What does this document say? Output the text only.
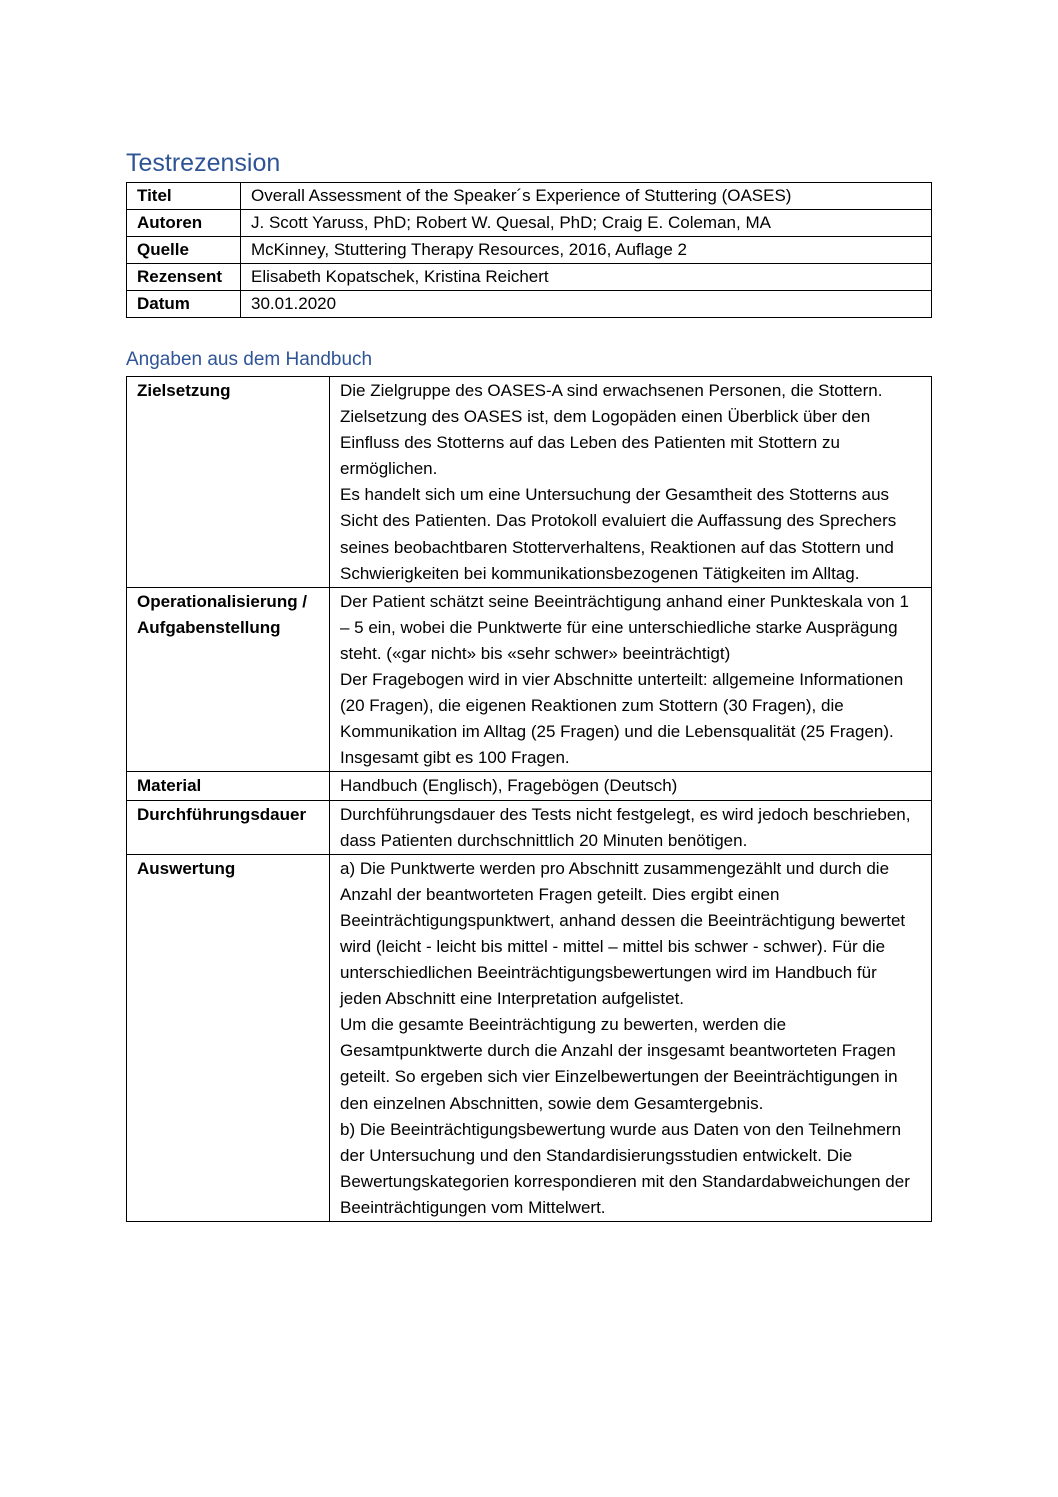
Testrezension
Titel	Overall Assessment of the Speaker´s Experience of Stuttering (OASES)
Autoren	J. Scott Yaruss, PhD; Robert W. Quesal, PhD; Craig E. Coleman, MA
Quelle	McKinney, Stuttering Therapy Resources, 2016, Auflage 2
Rezensent	Elisabeth Kopatschek, Kristina Reichert
Datum	30.01.2020
Angaben aus dem Handbuch
Zielsetzung	Die Zielgruppe des OASES-A sind erwachsenen Personen, die Stottern.
Zielsetzung des OASES ist, dem Logopäden einen Überblick über den Einfluss des Stotterns auf das Leben des Patienten mit Stottern zu ermöglichen.
Es handelt sich um eine Untersuchung der Gesamtheit des Stotterns aus Sicht des Patienten. Das Protokoll evaluiert die Auffassung des Sprechers seines beobachtbaren Stotterverhaltens, Reaktionen auf das Stottern und Schwierigkeiten bei kommunikationsbezogenen Tätigkeiten im Alltag.

Operationalisierung / Aufgabenstellung	Der Patient schätzt seine Beeinträchtigung anhand einer Punkteskala von 1 – 5 ein, wobei die Punktwerte für eine unterschiedliche starke Ausprägung steht. («gar nicht» bis «sehr schwer» beeinträchtigt)
Der Fragebogen wird in vier Abschnitte unterteilt: allgemeine Informationen (20 Fragen), die eigenen Reaktionen zum Stottern (30 Fragen), die Kommunikation im Alltag (25 Fragen) und die Lebensqualität (25 Fragen). Insgesamt gibt es 100 Fragen.

Material	Handbuch (Englisch), Fragebögen (Deutsch)

Durchführungsdauer	Durchführungsdauer des Tests nicht festgelegt, es wird jedoch beschrieben, dass Patienten durchschnittlich 20 Minuten benötigen.

Auswertung	a) Die Punktwerte werden pro Abschnitt zusammengezählt und durch die Anzahl der beantworteten Fragen geteilt. Dies ergibt einen Beeinträchtigungspunktwert, anhand dessen die Beeinträchtigung bewertet wird (leicht - leicht bis mittel - mittel – mittel bis schwer - schwer). Für die unterschiedlichen Beeinträchtigungsbewertungen wird im Handbuch für jeden Abschnitt eine Interpretation aufgelistet.
Um die gesamte Beeinträchtigung zu bewerten, werden die Gesamtpunktwerte durch die Anzahl der insgesamt beantworteten Fragen geteilt. So ergeben sich vier Einzelbewertungen der Beeinträchtigungen in den einzelnen Abschnitten, sowie dem Gesamtergebnis.
b) Die Beeinträchtigungsbewertung wurde aus Daten von den Teilnehmern der Untersuchung und den Standardisierungsstudien entwickelt. Die Bewertungskategorien korrespondieren mit den Standardabweichungen der Beeinträchtigungen vom Mittelwert.
